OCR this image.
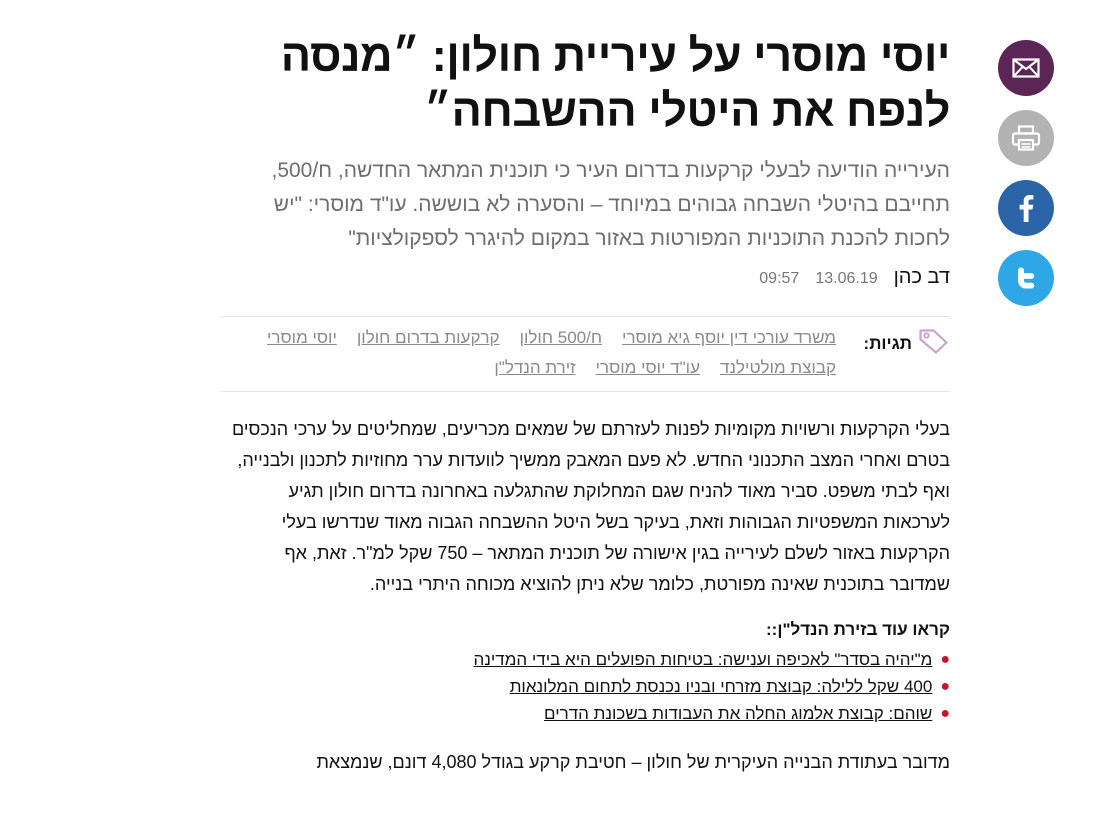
יוסי מוסרי על עיריית חולון: ״מנסה לנפח את היטלי ההשבחה״

העירייה הודיעה לבעלי קרקעות בדרום העיר כי תוכנית המתאר החדשה, ח/500, תחייבם בהיטלי השבחה גבוהים במיוחד – והסערה לא בוששה. עו"ד מוסרי: "יש לחכות להכנת התוכניות המפורטות באזור במקום להיגרר לספקולציות"

דב כהן
13.06.19
09:57
תגיות:
משרד עורכי דין יוסף גיא מוסרי
ח/500 חולון
קרקעות בדרום חולון
יוסי מוסרי
קבוצת מולטילנד
עו"ד יוסי מוסרי
זירת הנדל"ן

בעלי הקרקעות ורשויות מקומיות לפנות לעזרתם של שמאים מכריעים, שמחליטים על ערכי הנכסים בטרם ואחרי המצב התכנוני החדש. לא פעם המאבק ממשיך לוועדות ערר מחוזיות לתכנון ולבנייה, ואף לבתי משפט. סביר מאוד להניח שגם המחלוקת שהתגלעה באחרונה בדרום חולון תגיע לערכאות המשפטיות הגבוהות וזאת, בעיקר בשל היטל ההשבחה הגבוה מאוד שנדרשו בעלי הקרקעות באזור לשלם לעירייה בגין אישורה של תוכנית המתאר – 750 שקל למ"ר. זאת, אף שמדובר בתוכנית שאינה מפורטת, כלומר שלא ניתן להוציא מכוחה היתרי בנייה.

קראו עוד בזירת הנדל"ן::
●
מ"יהיה בסדר" לאכיפה וענישה: בטיחות הפועלים היא בידי המדינה
●
400 שקל ללילה: קבוצת מזרחי ובניו נכנסת לתחום המלונאות
●
שוהם: קבוצת אלמוג החלה את העבודות בשכונת הדרים

מדובר בעתודת הבנייה העיקרית של חולון – חטיבת קרקע בגודל 4,080 דונם, שנמצאת
